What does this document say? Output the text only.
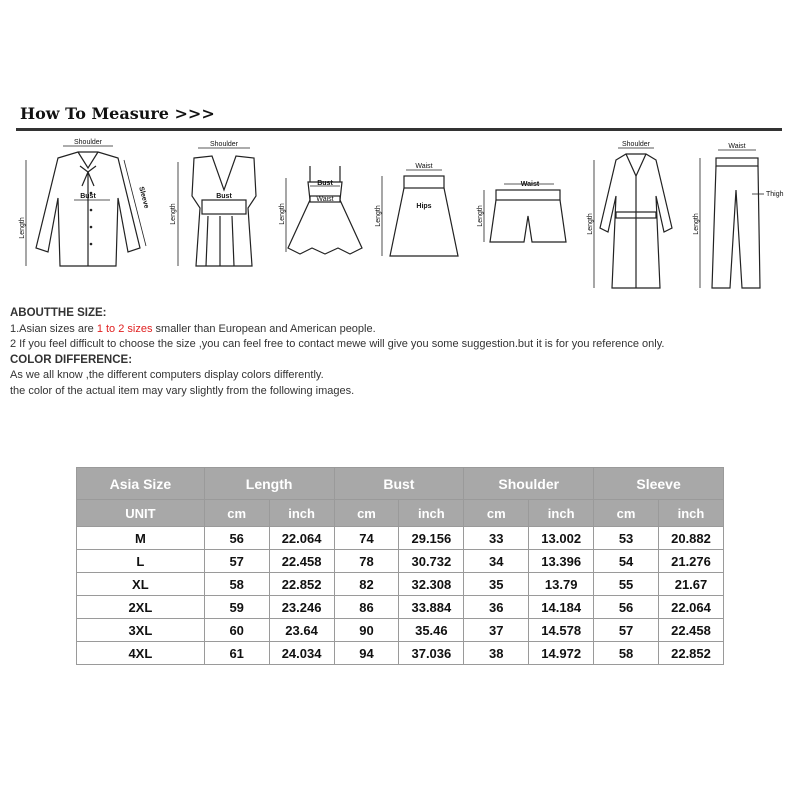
How To Measure >>>
Shoulder
Bust
Length
Sleeve
Shoulder
Bust
Length
Bust
Waist
Length
Waist
Hips
Length
Waist
Length
Shoulder
Length
Waist
Thigh
Length
ABOUTTHE SIZE:
1.Asian sizes are 1 to 2 sizes smaller than European and American people.
2 If you feel difficult to choose the size ,you can feel free to contact mewe will give you some suggestion.but it is for you reference only.
COLOR DIFFERENCE:
As we all know ,the different computers display colors differently.
the color of the actual item may vary slightly from the following images.
Asia Size	Length		Bust		Shoulder		Sleeve	
UNIT	cm	inch	cm	inch	cm	inch	cm	inch
M	56	22.064	74	29.156	33	13.002	53	20.882
L	57	22.458	78	30.732	34	13.396	54	21.276
XL	58	22.852	82	32.308	35	13.79	55	21.67
2XL	59	23.246	86	33.884	36	14.184	56	22.064
3XL	60	23.64	90	35.46	37	14.578	57	22.458
4XL	61	24.034	94	37.036	38	14.972	58	22.852
